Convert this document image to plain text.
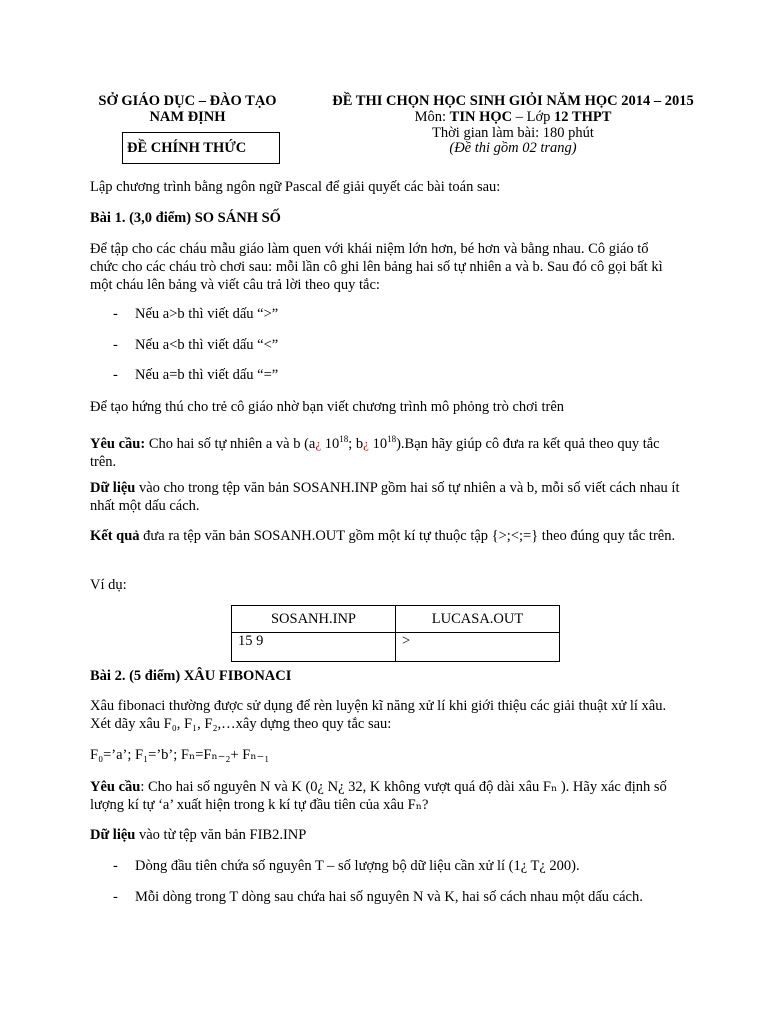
SỞ GIÁO DỤC – ĐÀO TẠO
NAM ĐỊNH
ĐỀ CHÍNH THỨC
ĐỀ THI CHỌN HỌC SINH GIỎI NĂM HỌC 2014 – 2015
Môn: TIN HỌC – Lớp 12 THPT
Thời gian làm bài: 180 phút
(Đề thi gồm 02 trang)
Lập chương trình bằng ngôn ngữ Pascal để giải quyết các bài toán sau:
Bài 1. (3,0 điểm) SO SÁNH SỐ
Để tập cho các cháu mẫu giáo làm quen với khái niệm lớn hơn, bé hơn và bằng nhau. Cô giáo tổ chức cho các cháu trò chơi sau: mỗi lần cô ghi lên bảng hai số tự nhiên a và b. Sau đó cô gọi bất kì một cháu lên bảng và viết câu trả lời theo quy tắc:
- Nếu a>b thì viết dấu “>”
- Nếu a<b thì viết dấu “<”
- Nếu a=b thì viết dấu “=”
Để tạo hứng thú cho trẻ cô giáo nhờ bạn viết chương trình mô phỏng trò chơi trên
Yêu cầu: Cho hai số tự nhiên a và b (a¿ $10^{18}$; b¿ $10^{18}).Bạn$ hãy giúp cô đưa ra kết quả theo quy tắc trên.
Dữ liệu vào cho trong tệp văn bản SOSANH.INP gồm hai số tự nhiên a và b, mỗi số viết cách nhau ít nhất một dấu cách.
Kết quả đưa ra tệp văn bản SOSANH.OUT gồm một kí tự thuộc tập {>;<;=} theo đúng quy tắc trên.
Ví dụ:
SOSANH.INP	LUCASA.OUT
15 9	>
Bài 2. (5 điểm) XÂU FIBONACI
Xâu fibonaci thường được sử dụng để rèn luyện kĩ năng xử lí khi giới thiệu các giải thuật xử lí xâu. Xét dãy xâu F₀, F₁, F₂,…xây dựng theo quy tắc sau:
F₀=’a’; F₁=’b’; Fₙ=Fₙ₋₂+ Fₙ₋₁
Yêu cầu: Cho hai số nguyên N và K (0¿ N¿ 32, K không vượt quá độ dài xâu Fₙ ). Hãy xác định số lượng kí tự ‘a’ xuất hiện trong k kí tự đầu tiên của xâu Fₙ?
Dữ liệu vào từ tệp văn bản FIB2.INP
- Dòng đầu tiên chứa số nguyên T – số lượng bộ dữ liệu cần xử lí (1¿ T¿ 200).
- Mỗi dòng trong T dòng sau chứa hai số nguyên N và K, hai số cách nhau một dấu cách.
